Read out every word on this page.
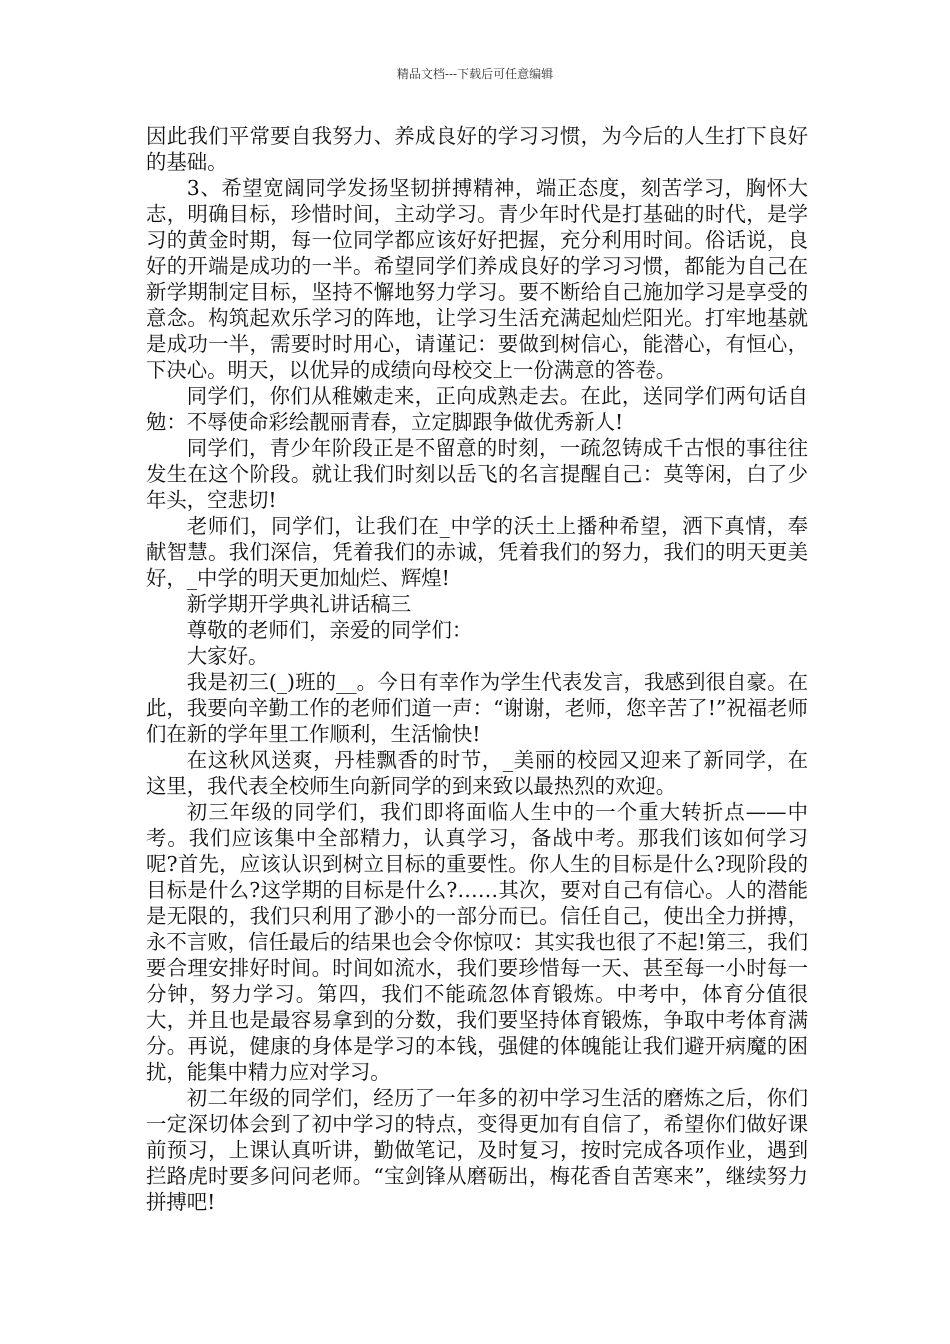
精品文档---下载后可任意编辑

因此我们平常要自我努力、养成良好的学习习惯，为今后的人生打下良好的基础。

3、希望宽阔同学发扬坚韧拼搏精神，端正态度，刻苦学习，胸怀大志，明确目标，珍惜时间，主动学习。青少年时代是打基础的时代，是学习的黄金时期，每一位同学都应该好好把握，充分利用时间。俗话说，良好的开端是成功的一半。希望同学们养成良好的学习习惯，都能为自己在新学期制定目标，坚持不懈地努力学习。要不断给自己施加学习是享受的意念。构筑起欢乐学习的阵地，让学习生活充满起灿烂阳光。打牢地基就是成功一半，需要时时用心，请谨记：要做到树信心，能潜心，有恒心，下决心。明天，以优异的成绩向母校交上一份满意的答卷。

同学们，你们从稚嫩走来，正向成熟走去。在此，送同学们两句话自勉：不辱使命彩绘靓丽青春，立定脚跟争做优秀新人!

同学们，青少年阶段正是不留意的时刻，一疏忽铸成千古恨的事往往发生在这个阶段。就让我们时刻以岳飞的名言提醒自己：莫等闲，白了少年头，空悲切!

老师们，同学们，让我们在_中学的沃土上播种希望，洒下真情，奉献智慧。我们深信，凭着我们的赤诚，凭着我们的努力，我们的明天更美好，_中学的明天更加灿烂、辉煌!

新学期开学典礼讲话稿三

尊敬的老师们，亲爱的同学们：

大家好。

我是初三(_)班的__。今日有幸作为学生代表发言，我感到很自豪。在此，我要向辛勤工作的老师们道一声：“谢谢，老师，您辛苦了!”祝福老师们在新的学年里工作顺利，生活愉快!

在这秋风送爽，丹桂飘香的时节，_美丽的校园又迎来了新同学，在这里，我代表全校师生向新同学的到来致以最热烈的欢迎。

初三年级的同学们，我们即将面临人生中的一个重大转折点——中考。我们应该集中全部精力，认真学习，备战中考。那我们该如何学习呢?首先，应该认识到树立目标的重要性。你人生的目标是什么?现阶段的目标是什么?这学期的目标是什么?……其次，要对自己有信心。人的潜能是无限的，我们只利用了渺小的一部分而已。信任自己，使出全力拼搏，永不言败，信任最后的结果也会令你惊叹：其实我也很了不起!第三，我们要合理安排好时间。时间如流水，我们要珍惜每一天、甚至每一小时每一分钟，努力学习。第四，我们不能疏忽体育锻炼。中考中，体育分值很大，并且也是最容易拿到的分数，我们要坚持体育锻炼，争取中考体育满分。再说，健康的身体是学习的本钱，强健的体魄能让我们避开病魔的困扰，能集中精力应对学习。

初二年级的同学们，经历了一年多的初中学习生活的磨炼之后，你们一定深切体会到了初中学习的特点，变得更加有自信了，希望你们做好课前预习，上课认真听讲，勤做笔记，及时复习，按时完成各项作业，遇到拦路虎时要多问问老师。“宝剑锋从磨砺出，梅花香自苦寒来”，继续努力拼搏吧!
